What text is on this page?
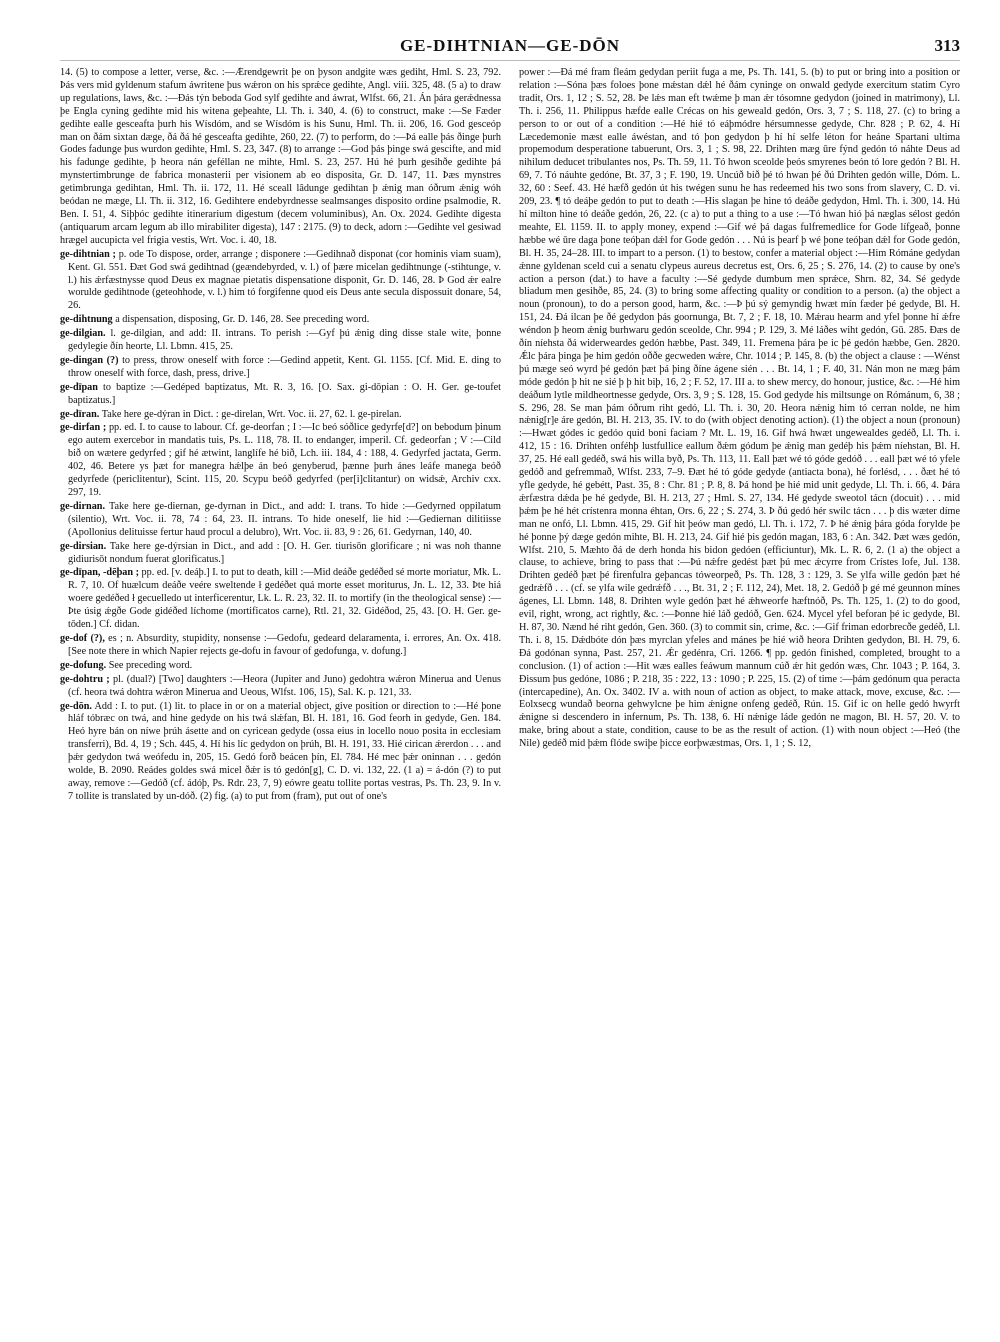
GE-DIHTNIAN—GE-DŌN	313

14. (5) to compose a letter, verse, &c. :—Ǽrendgewrit þe on þyson andgite wæs gediht, Hml. S. 23, 792. Þás vers mid gyldenum stafum áwritene þus wǽron on his sprǽce gedihte, Angl. viii. 325, 48. (5 a) to draw up regulations, laws, &c. :—Ðás týn beboda God sylf gedihte and áwrat, Wlfst. 66, 21. Án þára gerǽdnessa þe Engla cyning gedihte mid his witena geþeahte, Ll. Th. i. 340, 4. (6) to construct, make :—Se Fæder gedihte ealle gesceafta þurh his Wísdóm, and se Wísdóm is his Sunu, Hml. Th. ii. 206, 16. God gesceóp man on ðám sixtan dæge, ðá ðá hé gesceafta gedihte, 260, 22. (7) to perform, do :—Þá ealle þás ðinge þurh Godes fadunge þus wurdon gedihte, Hml. S. 23, 347. (8) to arrange :—God þás þinge swá gescifte, and mid his fadunge gedihte, þ heora nán geféllan ne mihte, Hml. S. 23, 257. Hú hé þurh gesihðe gedihte þá mynstertimbrunge de fabrica monasterii per visionem ab eo disposita, Gr. D. 147, 11. Þæs mynstres getimbrunga gedihtan, Hml. Th. ii. 172, 11. Hé sceall lâdunge gedihtan þ ǽnig man óðrum ǽnig wóh beódan ne mæge, Ll. Th. ii. 312, 16. Gedihtere endebyrdnesse sealmsanges disposito ordine psalmodie, R. Ben. I. 51, 4. Siþþóc gedihte itinerarium digestum (decem voluminibus), An. Ox. 2024. Gedihte digesta (antiquarum arcam legum ab illo mirabiliter digesta), 147 : 2175. (9) to deck, adorn :—Gedihte vel gesiwad hrægel aucupicta vel frigia vestis, Wrt. Voc. i. 40, 18.

ge-dihtnian ; p. ode To dispose, order, arrange ; disponere :—Gedihnað disponat (cor hominis viam suam), Kent. Gl. 551. Ðæt God swá gedihtnad (geændebyrded, v. l.) of þære micelan gedihtnunge (-stihtunge, v. l.) his ǽrfæstnysse quod Deus ex magnae pietatis dispensatione disponit, Gr. D. 146, 28. Þ God ǽr ealre worulde gedihtnode (geteohhode, v. l.) him tó forgifenne quod eis Deus ante secula dispossuit donare, 54, 26.

ge-dihtnung a dispensation, disposing, Gr. D. 146, 28. See preceding word.

ge-dilgian. l. ge-dilgian, and add: II. intrans. To perish :—Gyf þú ǽnig ding disse stale wite, þonne gedylegie ðín heorte, Ll. Lbmn. 415, 25.

ge-dingan (?) to press, throw oneself with force :—Gedind appetit, Kent. Gl. 1155. [Cf. Mid. E. ding to throw oneself with force, dash, press, drive.]

ge-dīpan to baptize :—Gedéped baptizatus, Mt. R. 3, 16. [O. Sax. gi-dōpian : O. H. Ger. ge-toufet baptizatus.]

ge-dīran. Take here ge-dýran in Dict. : ge-direlan, Wrt. Voc. ii. 27, 62. l. ge-pirelan.

ge-dirfan ; pp. ed. I. to cause to labour. Cf. ge-deorfan ; I :—Ic beó sóðlice gedyrfe[d?] on bebodum þinum ego autem exercebor in mandatis tuis, Ps. L. 118, 78. II. to endanger, imperil. Cf. gedeorfan ; V :—Cild bið on wætere gedyrfed ; gif hé ætwint, langlífe hé bið, Lch. iii. 184, 4 : 188, 4. Gedyrfed jactata, Germ. 402, 46. Betere ys þæt for manegra hǽlþe án beó genyberud, þænne þurh ánes leáfe manega beóð gedyrfede (periclitentur), Scint. 115, 20. Scypu beóð gedyrfed (per[i]clitantur) on widsǽ, Archiv cxx. 297, 19.

ge-dirnan. Take here ge-diernan, ge-dyrnan in Dict., and add: I. trans. To hide :—Gedyrned oppilatum (silentio), Wrt. Voc. ii. 78, 74 : 64, 23. II. intrans. To hide oneself, lie hid :—Gediernan dilitiisse (Apollonius delituisse fertur haud procul a delubro), Wrt. Voc. ii. 83, 9 : 26, 61. Gedyrnan, 140, 40.

ge-dirsian. Take here ge-dýrsian in Dict., and add : [O. H. Ger. tiurisōn glorificare ; ni was noh thanne gidiurisōt nondum fuerat glorificatus.]

ge-dīpan, -dēþan ; pp. ed. [v. deáþ.] I. to put to death, kill :—Mid deáðe gedéðed sé morte moriatur, Mk. L. R. 7, 10. Of huælcum deáðe veére sweltende ł gedéðet quá morte esset moriturus, Jn. L. 12, 33. Þte hiá woere gedéðed ł gecuelledo ut interficerentur, Lk. L. R. 23, 32. II. to mortify (in the theological sense) :—Þte úsig ǽgðe Gode gidéðed líchome (mortificatos carne), Rtl. 21, 32. Gidéðod, 25, 43. [O. H. Ger. ge-tōden.] Cf. didan.

ge-dof (?), es ; n. Absurdity, stupidity, nonsense :—Gedofu, gedeard delaramenta, i. errores, An. Ox. 418. [See note there in which Napier rejects ge-dofu in favour of gedofunga, v. dofung.]

ge-dofung. See preceding word.

ge-dohtru ; pl. (dual?) [Two] daughters :—Heora (Jupiter and Juno) gedohtra wǽron Minerua and Uenus (cf. heora twá dohtra wǽron Minerua and Ueous, Wlfst. 106, 15), Sal. K. p. 121, 33.

ge-dōn. Add : I. to put. (1) lit. to place in or on a material object, give position or direction to :—Hé þone hláf tóbræc on twá, and hine gedyde on his twá slǽfan, Bl. H. 181, 16. God feorh in gedyde, Gen. 184. Heó hyre bán on níwe þrúh ásette and on cyricean gedyde (ossa eius in locello nouo posita in ecclesiam transferri), Bd. 4, 19 ; Sch. 445, 4. Hí his líc gedydon on þrúh, Bl. H. 191, 33. Hié cirican ǽrerdon . . . and þǽr gedydon twá weófedu in, 205, 15. Gedó forð beácen þín, El. 784. Hé mec þǽr oninnan . . . gedón wolde, B. 2090. Reádes goldes swá micel ðǽr is tó gedón[g], C. D. vi. 132, 22. (1 a) = á-dón (?) to put away, remove :—Gedóð (cf. ádóþ, Ps. Rdr. 23, 7, 9) eówre geatu tollite portas vestras, Ps. Th. 23, 9. In v. 7 tollite is translated by un-dóð. (2) fig. (a) to put from (fram), put out of one's

power :—Ðá mé fram fleám gedydan periit fuga a me, Ps. Th. 141, 5. (b) to put or bring into a position or relation :—Sóna þæs foloes þone mǽstan dǽl hé ðám cyninge on onwald gedyde exercitum statim Cyro tradit, Ors. 1, 12 ; S. 52, 28. Þe lǽs man eft twǽme þ man ǽr tósomne gedydon (joined in matrimony), Ll. Th. i. 256, 11. Philippus hæfde ealle Crécas on his geweald gedón, Ors. 3, 7 ; S. 118, 27. (c) to bring a person to or out of a condition :—Hé hié tó eáþmódre hérsumnesse gedyde, Chr. 828 ; P. 62, 4. Hí Læcedemonie mæst ealle áwéstan, and tó þon gedydon þ hí hí selfe léton for heáne Spartani ultima propemodum desperatione tabuerunt, Ors. 3, 1 ; S. 98, 22. Drihten mæg ūre fýnd gedón tó náhte Deus ad nihilum deducet tribulantes nos, Ps. Th. 59, 11. Tó hwon sceolde þeós smyrenes beón tó lore gedón ? Bl. H. 69, 7. Tó náuhte gedóne, Bt. 37, 3 ; F. 190, 19. Uncúð bið þé tó hwan þé ðú Drihten gedón wille, Dóm. L. 32, 60 : Seef. 43. Hé hæfð gedón út his twégen sunu he has redeemed his two sons from slavery, C. D. vi. 209, 23. ¶ tó deáþe gedón to put to death :—His slagan þe hine tó deáðe gedydon, Hml. Th. i. 300, 14. Hú hí milton hine tó deáðe gedón, 26, 22. (c a) to put a thing to a use :—Tó hwan hió þá næglas sélost gedón meahte, El. 1159. II. to apply money, expend :—Gif wé þá dagas fulfremedlice for Gode lífgeað, þonne hæbbe wé ūre daga þone teóþan dǽl for Gode gedón . . . Nú is þearf þ wé þone teóþan dǽl for Gode gedón, Bl. H. 35, 24–28. III. to impart to a person. (1) to bestow, confer a material object :—Him Rómáne gedydan ǽnne gyldenan sceld cui a senatu clypeus aureus decretus est, Ors. 6, 25 ; S. 276, 14. (2) to cause by one's action a person (dat.) to have a faculty :—Sé gedyde dumbum men sprǽce, Shrn. 82, 34. Sé gedyde bliadum men gesihðe, 85, 24. (3) to bring some affecting quality or condition to a person. (a) the object a noun (pronoun), to do a person good, harm, &c. :—Þ þú sý gemyndig hwæt mín fæder þé gedyde, Bl. H. 151, 24. Ðá ilcan þe ðé gedydon þás goornunga, Bt. 7, 2 ; F. 18, 10. Mǽrau hearm and yfel þonne hí ǽfre wéndon þ heom ǽnig burhwaru gedón sceolde, Chr. 994 ; P. 129, 3. Mé láðes wiht gedón, Gū. 285. Ðæs de ðín níehsta ðá widerweardes gedón hæbbe, Past. 349, 11. Fremena þára þe ic þé gedón hæbbe, Gen. 2820. Ǽlc þára þinga þe him gedón oððe gecweden wǽre, Chr. 1014 ; P. 145, 8. (b) the object a clause : —Wénst þú mæge seó wyrd þé gedón þæt þá þing ðíne ágene sién . . . Bt. 14, 1 ; F. 40, 31. Nán mon ne mæg þám móde gedón þ hit ne sié þ þ hit biþ, 16, 2 ; F. 52, 17. III a. to shew mercy, do honour, justice, &c. :—Hé him deáðum lytle mildheortnesse gedyde, Ors. 3, 9 ; S. 128, 15. God gedyde his miltsunge on Rómánum, 6, 38 ; S. 296, 28. Se man þám óðrum riht gedó, Ll. Th. i. 30, 20. Heora nǽnig him tó cerran nolde, ne him nǽnig[r]e áre gedón, Bl. H. 213, 35. IV. to do (with object denoting action). (1) the object a noun (pronoun) :—Hwæt gódes ic gedóo quid boni faciam ? Mt. L. 19, 16. Gif hwá hwæt ungewealdes gedéð, Ll. Th. i. 412, 15 : 16. Drihten onféhþ lustfullice eallum ðǽm gódum þe ǽnig man gedéþ his þǽm níehstan, Bl. H. 37, 25. Hé eall gedéð, swá his willa byð, Ps. Th. 113, 11. Eall þæt wé tó góde gedóð . . . eall þæt wé tó yfele gedóð and gefremmað, Wlfst. 233, 7–9. Ðæt hé tó góde gedyde (antiacta bona), hé forlésd, . . . ðæt hé tó yfle gedyde, hé gebétt, Past. 35, 8 : Chr. 81 ; P. 8, 8. Þá hond þe hié mid unit gedyde, Ll. Th. i. 66, 4. Þára ǽrfæstra dǽda þe hé gedyde, Bl. H. 213, 27 ; Hml. S. 27, 134. Hé gedyde sweotol tácn (docuit) . . . mid þǽm þe hé hét crístenra monna éhtan, Ors. 6, 22 ; S. 274, 3. Þ ðú gedó hér swilc tácn . . . þ dis wæter díme man ne onfó, Ll. Lbmn. 415, 29. Gif hit þeów man gedó, Ll. Th. i. 172, 7. Þ hé ǽnig þára góda forylde þe hé þonne þý dæge gedón mihte, Bl. H. 213, 24. Gif hié þis gedón magan, 183, 6 : An. 342. Þæt wæs gedón, Wlfst. 210, 5. Mæhto ðá de derh honda his bidon gedóen (efficiuntur), Mk. L. R. 6, 2. (1 a) the object a clause, to achieve, bring to pass that :—Þú nǽfre gedést þæt þú mec ǽcyrre from Crístes lofe, Jul. 138. Drihten gedéð þæt þé firenfulra geþancas tóweorpeð, Ps. Th. 128, 3 : 129, 3. Se ylfa wille gedón þæt hé gedrǽfð . . . (cf. se ylfa wile gedrǽfð . . ., Bt. 31, 2 ; F. 112, 24), Met. 18, 2. Gedóð þ gé mé geunnon mínes ágenes, Ll. Lbmn. 148, 8. Drihten wyle gedón þæt hé ǽhweorfe hæftnóð, Ps. Th. 125, 1. (2) to do good, evil, right, wrong, act rightly, &c. :—Þonne hié láð gedóð, Gen. 624. Mycel yfel beforan þé ic gedyde, Bl. H. 87, 30. Nænd hé riht gedón, Gen. 360. (3) to commit sin, crime, &c. :—Gif friman edorbrecðe gedéð, Ll. Th. i. 8, 15. Dǽdbóte dón þæs myrclan yfeles and mánes þe hié wið heora Drihten gedydon, Bl. H. 79, 6. Ðá godónan synna, Past. 257, 21. Ǽr gedénra, Cri. 1266. ¶ pp. gedón finished, completed, brought to a conclusion. (1) of action :—Hit wæs ealles feáwum mannum cúð ǽr hit gedón wæs, Chr. 1043 ; P. 164, 3. Ðissum þus gedóne, 1086 ; P. 218, 35 : 222, 13 : 1090 ; P. 225, 15. (2) of time :—þám gedónum qua peracta (intercapedine), An. Ox. 3402. IV a. with noun of action as object, to make attack, move, excuse, &c. :—Eolxsecg wundað beorna gehwylcne þe him ǽnigne onfeng gedéð, Rún. 15. Gif ic on helle gedó hwyrft ǽnigne si descendero in infernum, Ps. Th. 138, 6. Hí nǽnige láde gedón ne magon, Bl. H. 57, 20. V. to make, bring about a state, condition, cause to be as the result of action. (1) with noun object :—Heó (the Nile) gedéð mid þǽm flóde swiþe þicce eorþwæstmas, Ors. 1, 1 ; S. 12,
